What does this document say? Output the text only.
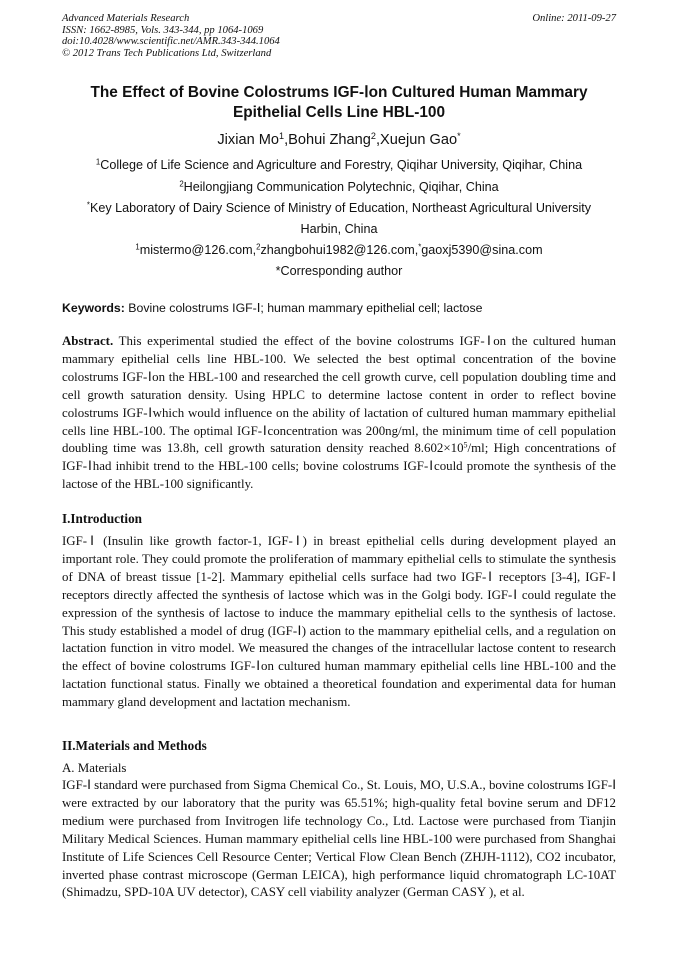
Advanced Materials Research
ISSN: 1662-8985, Vols. 343-344, pp 1064-1069
doi:10.4028/www.scientific.net/AMR.343-344.1064
© 2012 Trans Tech Publications Ltd, Switzerland
Online: 2011-09-27
The Effect of Bovine Colostrums IGF-Ⅰon Cultured Human Mammary Epithelial Cells Line HBL-100
Jixian Mo$^1$,Bohui Zhang$^2$,Xuejun Gao*
$^1$College of Life Science and Agriculture and Forestry, Qiqihar University, Qiqihar, China
$^2$Heilongjiang Communication Polytechnic, Qiqihar, China
*Key Laboratory of Dairy Science of Ministry of Education, Northeast Agricultural University
Harbin, China
$^1$mistermo@126.com,$^2$zhangbohui1982@126.com,*gaoxj5390@sina.com
*Corresponding author
Keywords: Bovine colostrums IGF-Ⅰ; human mammary epithelial cell; lactose
Abstract. This experimental studied the effect of the bovine colostrums IGF-Ⅰon the cultured human mammary epithelial cells line HBL-100. We selected the best optimal concentration of the bovine colostrums IGF-Ⅰon the HBL-100 and researched the cell growth curve, cell population doubling time and cell growth saturation density. Using HPLC to determine lactose content in order to reflect bovine colostrums IGF-Ⅰwhich would influence on the ability of lactation of cultured human mammary epithelial cells line HBL-100. The optimal IGF-Ⅰconcentration was 200ng/ml, the minimum time of cell population doubling time was 13.8h, cell growth saturation density reached $8.602\times 10^5/ml$; High concentrations of IGF-Ⅰhad inhibit trend to the HBL-100 cells; bovine colostrums IGF-Ⅰcould promote the synthesis of the lactose of the HBL-100 significantly.
I.Introduction
IGF-Ⅰ (Insulin like growth factor-1, IGF-Ⅰ) in breast epithelial cells during development played an important role. They could promote the proliferation of mammary epithelial cells to stimulate the synthesis of DNA of breast tissue [1-2]. Mammary epithelial cells surface had two IGF-Ⅰ receptors [3-4], IGF-Ⅰ receptors directly affected the synthesis of lactose which was in the Golgi body. IGF-Ⅰ could regulate the expression of the synthesis of lactose to induce the mammary epithelial cells to the synthesis of lactose. This study established a model of drug (IGF-Ⅰ) action to the mammary epithelial cells, and a regulation on lactation function in vitro model. We measured the changes of the intracellular lactose content to research the effect of bovine colostrums IGF-Ⅰon cultured human mammary epithelial cells line HBL-100 and the lactation functional status. Finally we obtained a theoretical foundation and experimental data for human mammary gland development and lactation mechanism.
II.Materials and Methods
A. Materials
IGF-Ⅰ standard were purchased from Sigma Chemical Co., St. Louis, MO, U.S.A., bovine colostrums IGF-Ⅰ were extracted by our laboratory that the purity was 65.51%; high-quality fetal bovine serum and DF12 medium were purchased from Invitrogen life technology Co., Ltd. Lactose were purchased from Tianjin Military Medical Sciences. Human mammary epithelial cells line HBL-100 were purchased from Shanghai Institute of Life Sciences Cell Resource Center; Vertical Flow Clean Bench (ZHJH-1112), CO2 incubator, inverted phase contrast microscope (German LEICA), high performance liquid chromatograph LC-10AT (Shimadzu, SPD-10A UV detector), CASY cell viability analyzer (German CASY ), et al.
